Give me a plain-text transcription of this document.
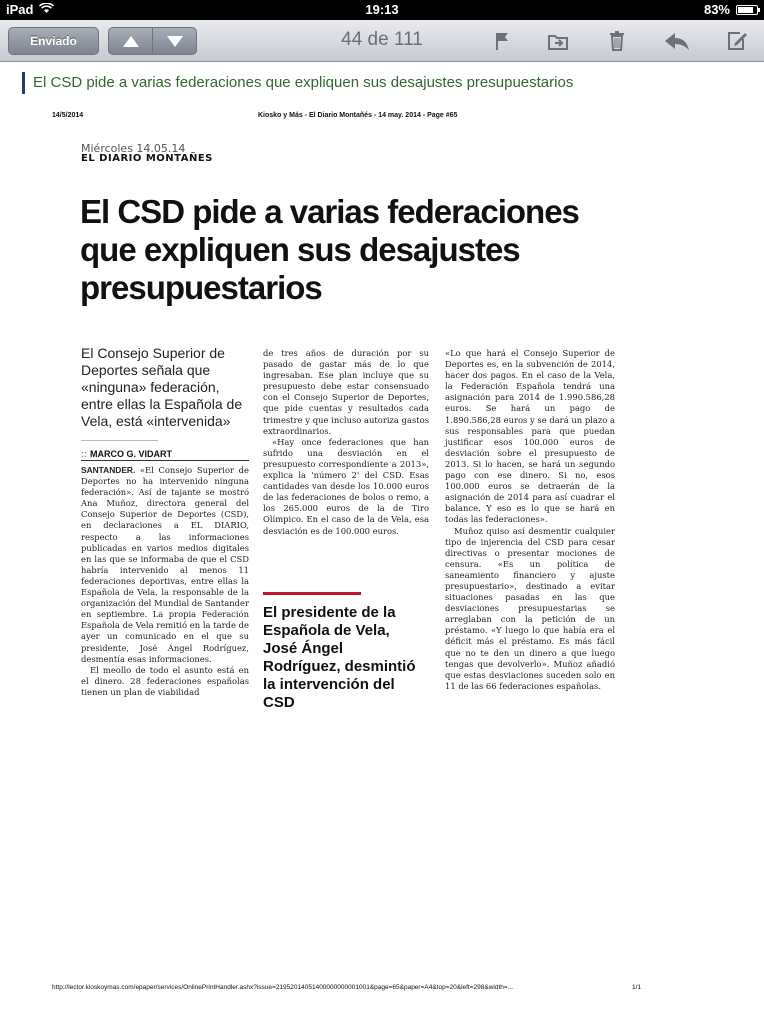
iPad	19:13	83%
Enviado	44 de 111
El CSD pide a varias federaciones que expliquen sus desajustes presupuestarios
14/5/2014	Kiosko y Más - El Diario Montañés - 14 may. 2014 - Page #65
Miércoles 14.05.14
EL DIARIO MONTAÑES
El CSD pide a varias federaciones que expliquen sus desajustes presupuestarios
El Consejo Superior de Deportes señala que «ninguna» federación, entre ellas la Española de Vela, está «intervenida»
:: MARCO G. VIDART

SANTANDER. «El Consejo Superior de Deportes no ha intervenido ninguna federación». Así de tajante se mostró Ana Muñoz, directora general del Consejo Superior de Deportes (CSD), en declaraciones a EL DIARIO, respecto a las informaciones publicadas en varios medios digitales en las que se informaba de que el CSD habría intervenido al menos 11 federaciones deportivas, entre ellas la Española de Vela, la responsable de la organización del Mundial de Santander en septiembre. La propia Federación Española de Vela remitió en la tarde de ayer un comunicado en el que su presidente, José Ángel Rodríguez, desmentía esas informaciones.

El meollo de todo el asunto está en el dinero. 28 federaciones españolas tienen un plan de viabilidad

de tres años de duración por su pasado de gastar más de lo que ingresaban. Ese plan incluye que su presupuesto debe estar consensuado con el Consejo Superior de Deportes, que pide cuentas y resultados cada trimestre y que incluso autoriza gastos extraordinarios.

«Hay once federaciones que han sufrido una desviación en el presupuesto correspondiente a 2013», explica la 'número 2' del CSD. Esas cantidades van desde los 10.000 euros de las federaciones de bolos o remo, a los 265.000 euros de la de Tiro Olímpico. En el caso de la de Vela, esa desviación es de 100.000 euros.

El presidente de la Española de Vela, José Ángel Rodríguez, desmintió la intervención del CSD

«Lo que hará el Consejo Superior de Deportes es, en la subvención de 2014, hacer dos pagos. En el caso de la Vela, la Federación Española tendrá una asignación para 2014 de 1.990.586,28 euros. Se hará un pago de 1.890.586,28 euros y se dará un plazo a sus responsables para que puedan justificar esos 100.000 euros de desviación sobre el presupuesto de 2013. Si lo hacen, se hará un segundo pago con ese dinero. Si no, esos 100.000 euros se detraerán de la asignación de 2014 para así cuadrar el balance. Y eso es lo que se hará en todas las federaciones».

Muñoz quiso así desmentir cualquier tipo de injerencia del CSD para cesar directivas o presentar mociones de censura. «Es un política de saneamiento financiero y ajuste presupuestario», destinado a evitar situaciones pasadas en las que desviaciones presupuestarias se arreglaban con la petición de un préstamo. «Y luego lo que había era el déficit más el préstamo. Es más fácil que no te den un dinero a que luego tengas que devolverlo». Muñoz añadió que estas desviaciones suceden solo en 11 de las 66 federaciones españolas.

http://lector.kioskoymas.com/epaper/services/OnlinePrintHandler.ashx?issue=21952014051400000000001001&page=65&paper=A4&top=20&left=298&width=...	1/1
